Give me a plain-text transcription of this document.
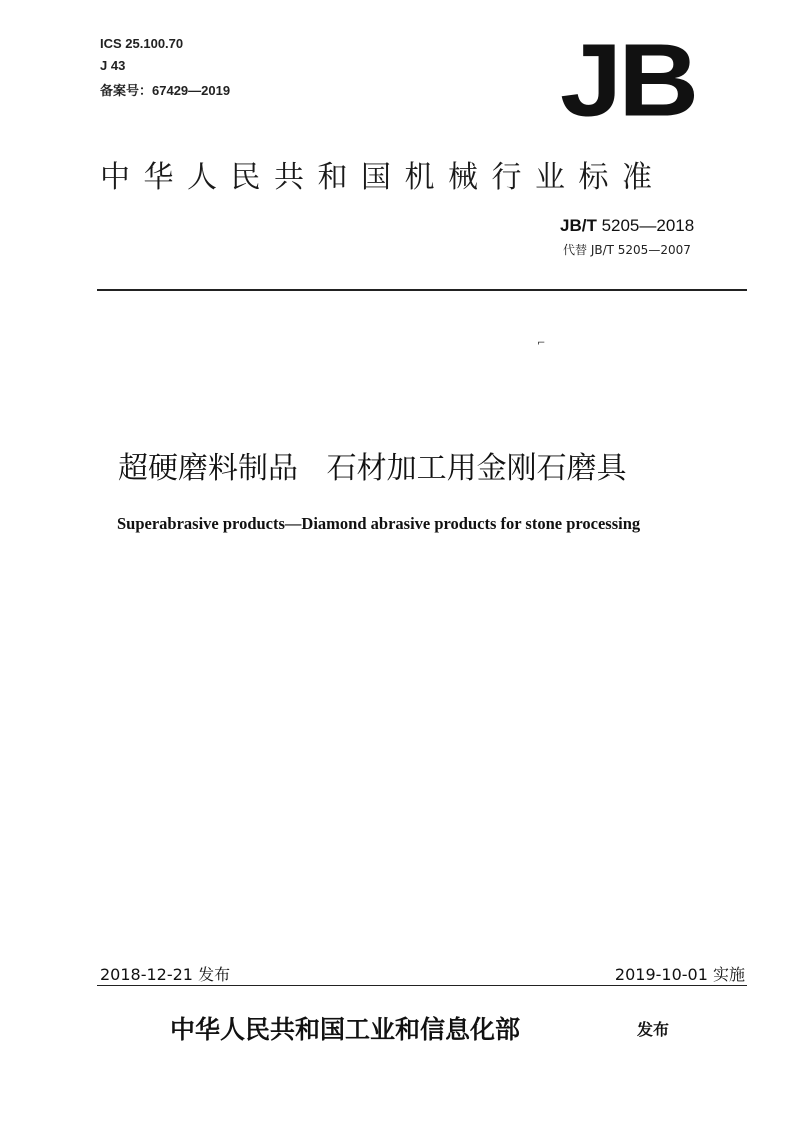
ICS 25.100.70
J 43
备案号：67429—2019	JB
中华人民共和国机械行业标准
JB/T 5205—2018
代替 JB/T 5205—2007
⌐
超硬磨料制品   石材加工用金刚石磨具
Superabrasive products—Diamond abrasive products for stone processing
2018-12-21 发布	2019-10-01 实施
中华人民共和国工业和信息化部	发布
